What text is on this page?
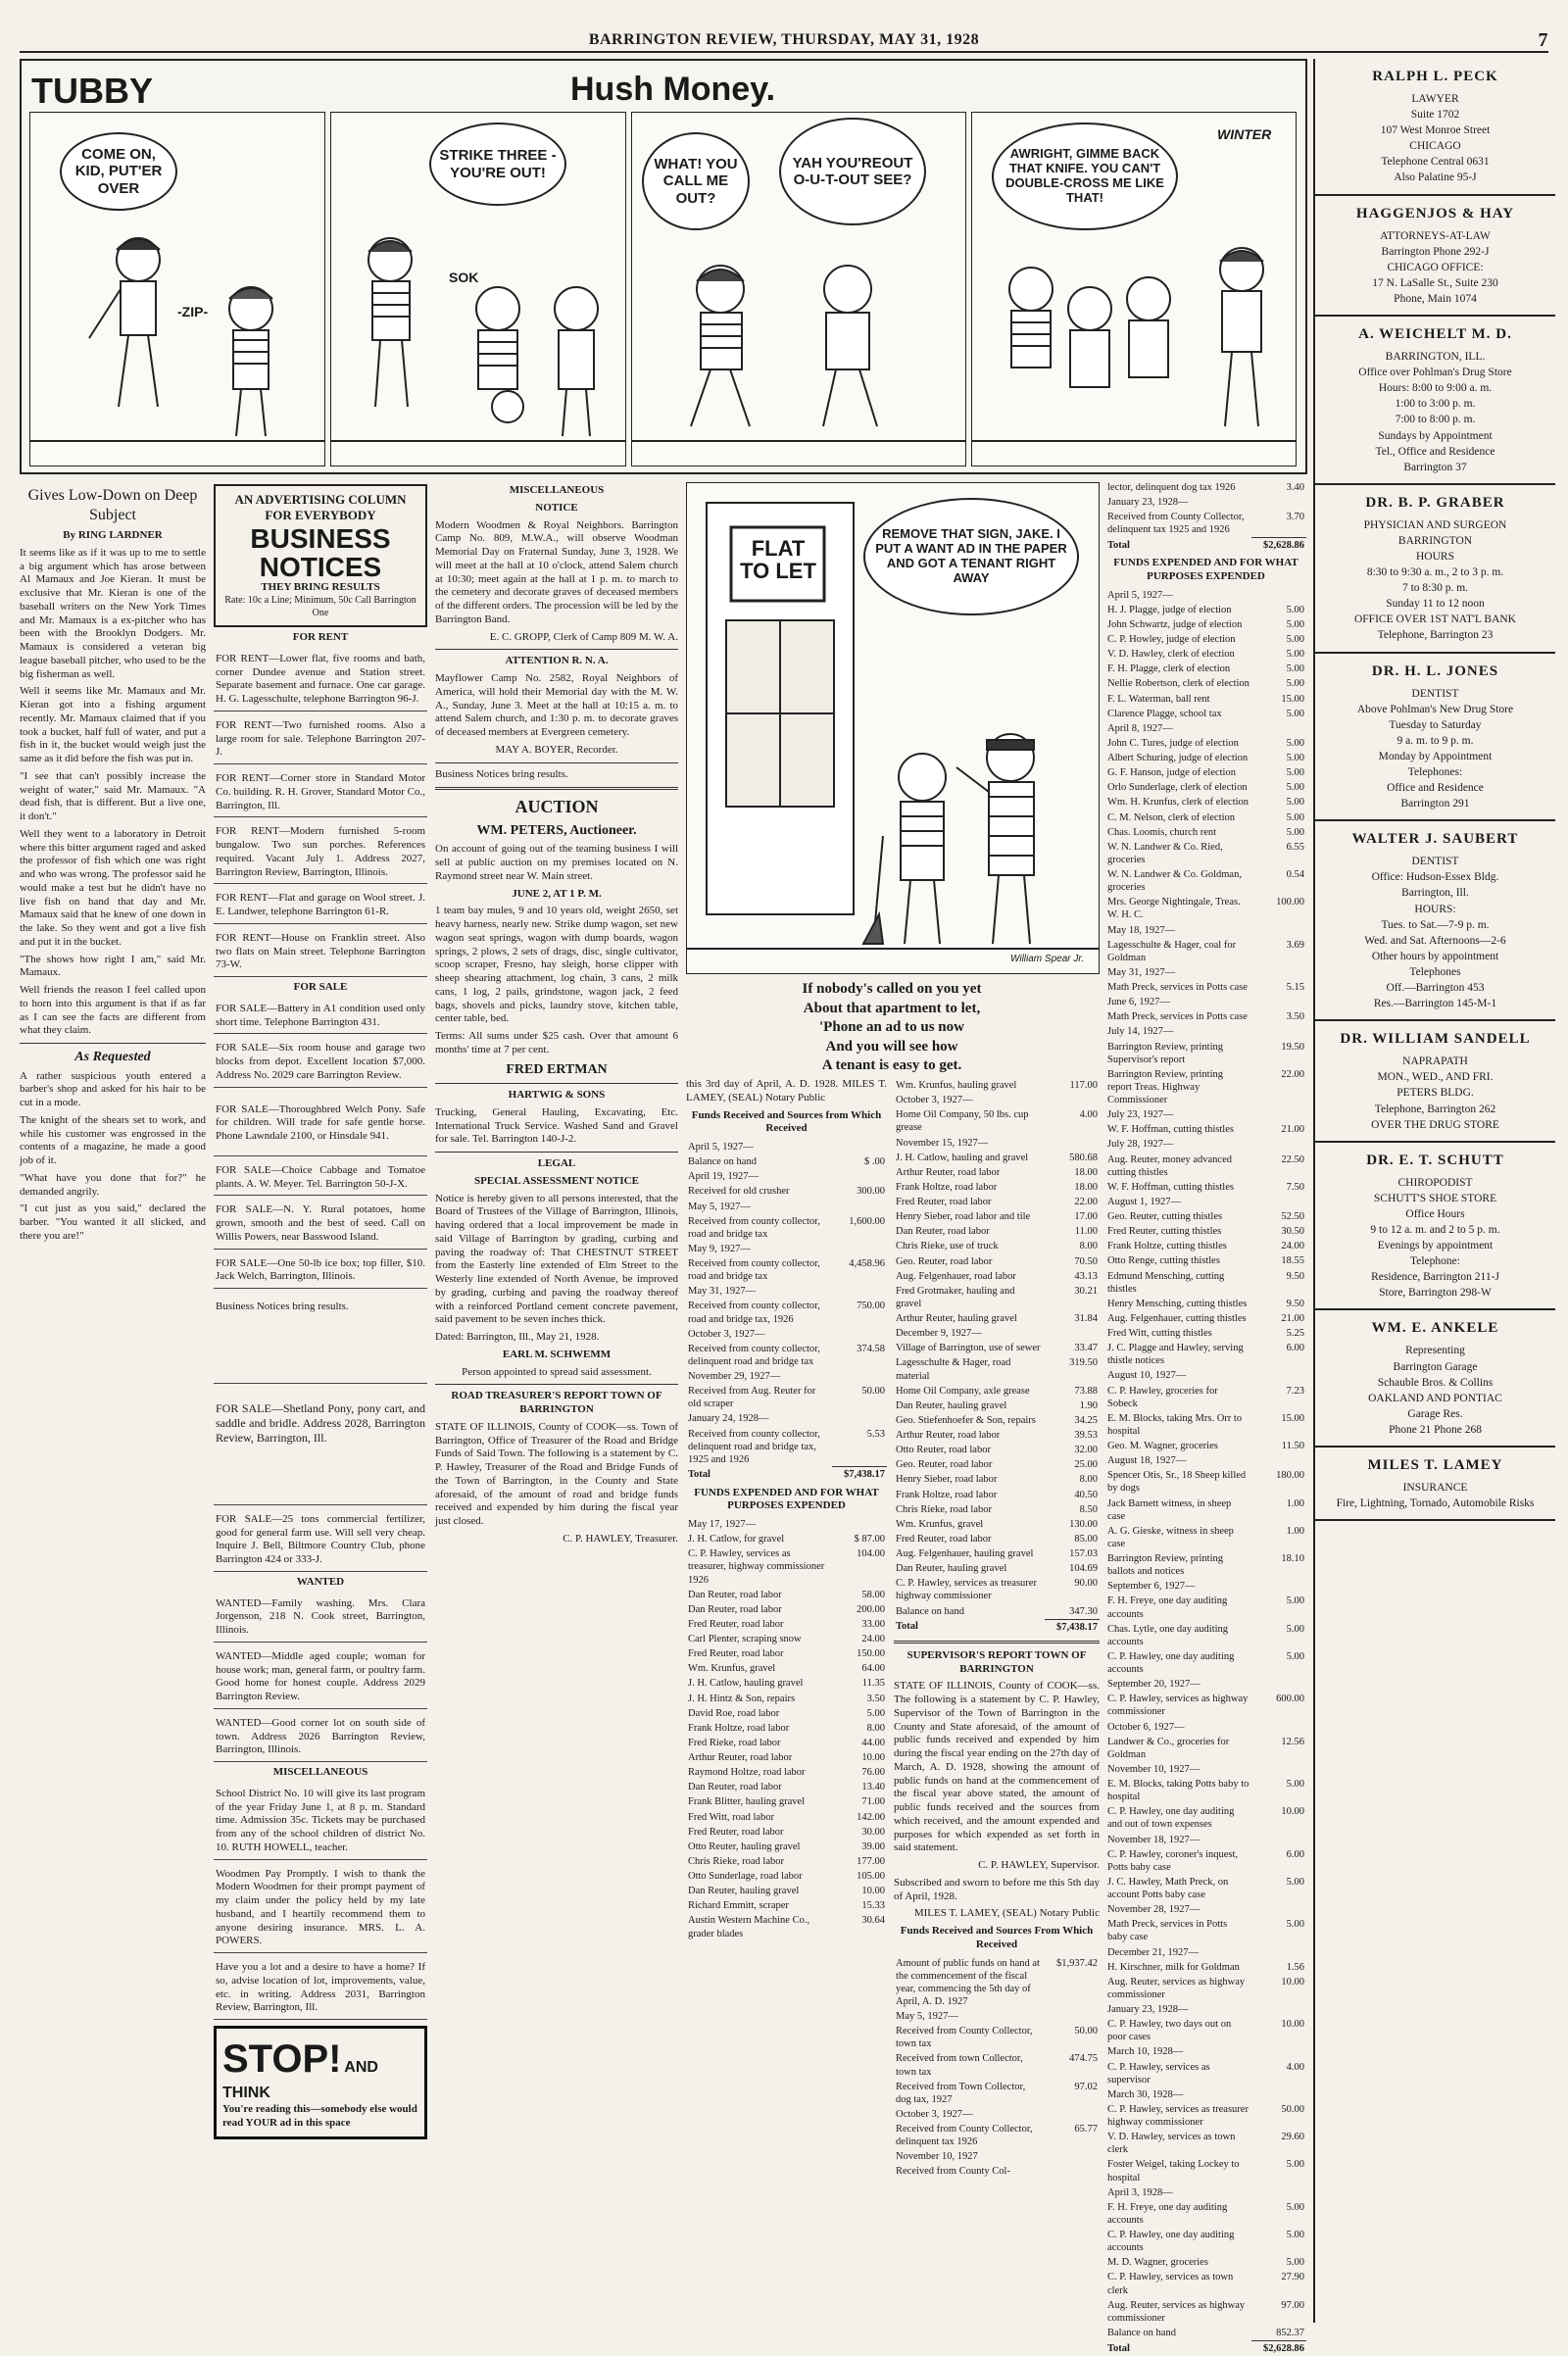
BARRINGTON REVIEW, THURSDAY, MAY 31, 1928	7
TUBBY	Hush Money.
COME ON, KID, PUT'ER OVER
-ZIP-
STRIKE THREE - YOU'RE OUT!
SOK
WHAT! YOU CALL ME OUT?
YAH YOU'REOUT O-U-T-OUT SEE?
AWRIGHT, GIMME BACK THAT KNIFE. YOU CAN'T DOUBLE-CROSS ME LIKE THAT!
WINTER
Gives Low-Down on Deep Subject
By RING LARDNER

It seems like as if it was up to me to settle a big argument which has arose between Al Mamaux and Joe Kieran. It must be exclusive that Mr. Kieran is one of the baseball writers on the New York Times and Mr. Mamaux is a ex-pitcher who has been with the Brooklyn Dodgers. Mr. Mamaux is considered a veteran big league baseball pitcher, who used to be the big fisherman as well.

Well it seems like Mr. Mamaux and Mr. Kieran got into a fishing argument recently. Mr. Mamaux claimed that if you took a bucket, half full of water, and put a fish in it, the bucket would weigh just the same as it did before the fish was put in.

"I see that can't possibly increase the weight of water," said Mr. Mamaux. "A dead fish, that is different. But a live one, it don't."

Well they went to a laboratory in Detroit where this bitter argument raged and asked the professor of fish which one was right and who was wrong. The professor said he would make a test but he didn't have no live fish on hand that day and Mr. Mamaux said that he knew of one down in the lake. So they went and got a live fish and put it in the bucket.

"The shows how right I am," said Mr. Mamaux.

Well friends the reason I feel called upon to horn into this argument is that if as far as I can see the facts are different from what they claim.

As Requested

A rather suspicious youth entered a barber's shop and asked for his hair to be cut in a mode.

The knight of the shears set to work, and while his customer was engrossed in the contents of a magazine, he made a good job of it.

"What have you done that for?" he demanded angrily.

"I cut just as you said," declared the barber. "You wanted it all slicked, and there you are!"

AN ADVERTISING COLUMN FOR EVERYBODY
BUSINESS NOTICES
THEY BRING RESULTS
Rate: 10c a Line; Minimum, 50c Call Barrington One
FOR RENT

FOR RENT—Lower flat, five rooms and bath, corner Dundee avenue and Station street. Separate basement and furnace. One car garage. H. G. Lagesschulte, telephone Barrington 96-J.

FOR RENT—Two furnished rooms. Also a large room for sale. Telephone Barrington 207-J.

FOR RENT—Corner store in Standard Motor Co. building. R. H. Grover, Standard Motor Co., Barrington, Ill.

FOR RENT—Modern furnished 5-room bungalow. Two sun porches. References required. Vacant July 1. Address 2027, Barrington Review, Barrington, Illinois.

FOR RENT—Flat and garage on Wool street. J. E. Landwer, telephone Barrington 61-R.

FOR RENT—House on Franklin street. Also two flats on Main street. Telephone Barrington 73-W.

FOR SALE

FOR SALE—Battery in A1 condition used only short time. Telephone Barrington 431.

FOR SALE—Six room house and garage two blocks from depot. Excellent location $7,000. Address No. 2029 care Barrington Review.

FOR SALE—Thoroughbred Welch Pony. Safe for children. Will trade for safe gentle horse. Phone Lawndale 2100, or Hinsdale 941.

FOR SALE—Choice Cabbage and Tomatoe plants. A. W. Meyer. Tel. Barrington 50-J-X.

FOR SALE—N. Y. Rural potatoes, home grown, smooth and the best of seed. Call on Willis Powers, near Basswood Island.

FOR SALE—One 50-lb ice box; top filler, $10. Jack Welch, Barrington, Illinois.

Business Notices bring results.

FOR SALE—Shetland Pony, pony cart, and saddle and bridle. Address 2028, Barrington Review, Barrington, Ill.

FOR SALE—25 tons commercial fertilizer, good for general farm use. Will sell very cheap. Inquire J. Bell, Biltmore Country Club, phone Barrington 424 or 333-J.

WANTED

WANTED—Family washing. Mrs. Clara Jorgenson, 218 N. Cook street, Barrington, Illinois.

WANTED—Middle aged couple; woman for house work; man, general farm, or poultry farm. Good home for honest couple. Address 2029 Barrington Review.

WANTED—Good corner lot on south side of town. Address 2026 Barrington Review, Barrington, Illinois.

MISCELLANEOUS

School District No. 10 will give its last program of the year Friday June 1, at 8 p. m. Standard time. Admission 35c. Tickets may be purchased from any of the school children of district No. 10. RUTH HOWELL, teacher.

Woodmen Pay Promptly. I wish to thank the Modern Woodmen for their prompt payment of my claim under the policy held by my late husband, and I heartily recommend them to anyone desiring insurance. MRS. L. A. POWERS.

Have you a lot and a desire to have a home? If so, advise location of lot, improvements, value, etc. in writing. Address 2031, Barrington Review, Barrington, Ill.

STOP! AND THINK
You're reading this—somebody else would read YOUR ad in this space
MISCELLANEOUS
NOTICE

Modern Woodmen & Royal Neighbors. Barrington Camp No. 809, M.W.A., will observe Woodman Memorial Day on Fraternal Sunday, June 3, 1928. We will meet at the hall at 10 o'clock, attend Salem church at 10:30; meet again at the hall at 1 p. m. to march to the cemetery and decorate graves of deceased members of the different orders. The procession will be led by the Barrington Band.

E. C. GROPP, Clerk of Camp 809 M. W. A.

ATTENTION R. N. A.

Mayflower Camp No. 2582, Royal Neighbors of America, will hold their Memorial day with the M. W. A., Sunday, June 3. Meet at the hall at 10:15 a. m. to attend Salem church, and 1:30 p. m. to decorate graves of deceased members at Evergreen cemetery.

MAY A. BOYER, Recorder.

Business Notices bring results.

AUCTION
WM. PETERS, Auctioneer.

On account of going out of the teaming business I will sell at public auction on my premises located on N. Raymond street near W. Main street.

JUNE 2, AT 1 P. M.

1 team bay mules, 9 and 10 years old, weight 2650, set heavy harness, nearly new. Strike dump wagon, set new wagon seat springs, wagon with dump boards, wagon springs, 2 plows, 2 sets of drags, disc, single cultivator, scoop scraper, Fresno, hay sleigh, horse clipper with sheep shearing attachment, log chain, 3 cans, 2 milk cans, 1 log, 2 pails, grindstone, wagon jack, 2 feed bags, shovels and picks, laundry stove, kitchen table, center table, bed.

Terms: All sums under $25 cash. Over that amount 6 months' time at 7 per cent.

FRED ERTMAN
HARTWIG & SONS

Trucking, General Hauling, Excavating, Etc. International Truck Service. Washed Sand and Gravel for sale. Tel. Barrington 140-J-2.

LEGAL
SPECIAL ASSESSMENT NOTICE

Notice is hereby given to all persons interested, that the Board of Trustees of the Village of Barrington, Illinois, having ordered that a local improvement be made in said Village of Barrington by grading, curbing and paving the roadway of: That CHESTNUT STREET from the Easterly line extended of Elm Street to the Westerly line extended of North Avenue, be improved by grading, curbing and paving the roadway thereof with a reinforced Portland cement concrete pavement, said pavement to be seven inches thick.

Dated: Barrington, Ill., May 21, 1928.

EARL M. SCHWEMM

Person appointed to spread said assessment.

ROAD TREASURER'S REPORT TOWN OF BARRINGTON

STATE OF ILLINOIS, County of COOK—ss. Town of Barrington, Office of Treasurer of the Road and Bridge Funds of Said Town. The following is a statement by C. P. Hawley, Treasurer of the Road and Bridge Funds of the Town of Barrington, in the County and State aforesaid, of the amount of road and bridge funds received and expended by him during the fiscal year just closed.

C. P. HAWLEY, Treasurer.

FLAT TO LET
REMOVE THAT SIGN, JAKE. I PUT A WANT AD IN THE PAPER AND GOT A TENANT RIGHT AWAY
William Spear Jr.
If nobody's called on you yet
About that apartment to let,
'Phone an ad to us now
And you will see how
A tenant is easy to get.

this 3rd day of April, A. D. 1928. MILES T. LAMEY, (SEAL) Notary Public

Funds Received and Sources from Which Received
April 5, 1927—	
Balance on hand	$ .00
April 19, 1927—	
Received for old crusher	300.00
May 5, 1927—	
Received from county collector, road and bridge tax	1,600.00
May 9, 1927—	
Received from county collector, road and bridge tax	4,458.96
May 31, 1927—	
Received from county collector, road and bridge tax, 1926	750.00
October 3, 1927—	
Received from county collector, delinquent road and bridge tax	374.58
November 29, 1927—	
Received from Aug. Reuter for old scraper	50.00
January 24, 1928—	
Received from county collector, delinquent road and bridge tax, 1925 and 1926	5.53
Total	$7,438.17
FUNDS EXPENDED AND FOR WHAT PURPOSES EXPENDED
May 17, 1927—	
J. H. Catlow, for gravel	$ 87.00
C. P. Hawley, services as treasurer, highway commissioner 1926	104.00
Dan Reuter, road labor	58.00
Dan Reuter, road labor	200.00
Fred Reuter, road labor	33.00
Carl Plenter, scraping snow	24.00
Fred Reuter, road labor	150.00
Wm. Krunfus, gravel	64.00
J. H. Catlow, hauling gravel	11.35
J. H. Hintz & Son, repairs	3.50
David Roe, road labor	5.00
Frank Holtze, road labor	8.00
Fred Rieke, road labor	44.00
Arthur Reuter, road labor	10.00
Raymond Holtze, road labor	76.00
Dan Reuter, road labor	13.40
Frank Blitter, hauling gravel	71.00
Fred Witt, road labor	142.00
Fred Reuter, road labor	30.00
Otto Reuter, hauling gravel	39.00
Chris Rieke, road labor	177.00
Otto Sunderlage, road labor	105.00
Dan Reuter, hauling gravel	10.00
Richard Emmitt, scraper	15.33
Austin Western Machine Co., grader blades	30.64
Wm. Krunfus, hauling gravel	117.00
October 3, 1927—	
Home Oil Company, 50 lbs. cup grease	4.00
November 15, 1927—	
J. H. Catlow, hauling and gravel	580.68
Arthur Reuter, road labor	18.00
Frank Holtze, road labor	18.00
Fred Reuter, road labor	22.00
Henry Sieber, road labor and tile	17.00
Dan Reuter, road labor	11.00
Chris Rieke, use of truck	8.00
Geo. Reuter, road labor	70.50
Aug. Felgenhauer, road labor	43.13
Fred Grotmaker, hauling and gravel	30.21
Arthur Reuter, hauling gravel	31.84
December 9, 1927—	
Village of Barrington, use of sewer	33.47
Lagesschulte & Hager, road material	319.50
Home Oil Company, axle grease	73.88
Dan Reuter, hauling gravel	1.90
Geo. Stiefenhoefer & Son, repairs	34.25
Arthur Reuter, road labor	39.53
Otto Reuter, road labor	32.00
Geo. Reuter, road labor	25.00
Henry Sieber, road labor	8.00
Frank Holtze, road labor	40.50
Chris Rieke, road labor	8.50
Wm. Krunfus, gravel	130.00
Fred Reuter, road labor	85.00
Aug. Felgenhauer, hauling gravel	157.03
Dan Reuter, hauling gravel	104.69
C. P. Hawley, services as treasurer highway commissioner	90.00
Balance on hand	347.30
Total	$7,438.17
SUPERVISOR'S REPORT TOWN OF BARRINGTON

STATE OF ILLINOIS, County of COOK—ss. The following is a statement by C. P. Hawley, Supervisor of the Town of Barrington in the County and State aforesaid, of the amount of public funds received and expended by him during the fiscal year ending on the 27th day of March, A. D. 1928, showing the amount of public funds on hand at the commencement of the fiscal year above stated, the amount of public funds received and the sources from which received, and the amount expended and purposes for which expended as set forth in said statement.

C. P. HAWLEY, Supervisor.

Subscribed and sworn to before me this 5th day of April, 1928.

MILES T. LAMEY, (SEAL) Notary Public

Funds Received and Sources From Which Received
Amount of public funds on hand at the commencement of the fiscal year, commencing the 5th day of April, A. D. 1927	$1,937.42
May 5, 1927—	
Received from County Collector, town tax	50.00
Received from town Collector, town tax	474.75
Received from Town Collector, dog tax, 1927	97.02
October 3, 1927—	
Received from County Collector, delinquent tax 1926	65.77
November 10, 1927	
Received from County Col-	
lector, delinquent dog tax 1926	3.40
January 23, 1928—	
Received from County Collector, delinquent tax 1925 and 1926	3.70
Total	$2,628.86
FUNDS EXPENDED AND FOR WHAT PURPOSES EXPENDED
April 5, 1927—	
H. J. Plagge, judge of election	5.00
John Schwartz, judge of election	5.00
C. P. Howley, judge of election	5.00
V. D. Hawley, clerk of election	5.00
F. H. Plagge, clerk of election	5.00
Nellie Robertson, clerk of election	5.00
F. L. Waterman, ball rent	15.00
Clarence Plagge, school tax	5.00
April 8, 1927—	
John C. Tures, judge of election	5.00
Albert Schuring, judge of election	5.00
G. F. Hanson, judge of election	5.00
Orlo Sunderlage, clerk of election	5.00
Wm. H. Krunfus, clerk of election	5.00
C. M. Nelson, clerk of election	5.00
Chas. Loomis, church rent	5.00
W. N. Landwer & Co. Ried, groceries	6.55
W. N. Landwer & Co. Goldman, groceries	0.54
Mrs. George Nightingale, Treas. W. H. C.	100.00
May 18, 1927—	
Lagesschulte & Hager, coal for Goldman	3.69
May 31, 1927—	
Math Preck, services in Potts case	5.15
June 6, 1927—	
Math Preck, services in Potts case	3.50
July 14, 1927—	
Barrington Review, printing Supervisor's report	19.50
Barrington Review, printing report Treas. Highway Commissioner	22.00
July 23, 1927—	
W. F. Hoffman, cutting thistles	21.00
July 28, 1927—	
Aug. Reuter, money advanced cutting thistles	22.50
W. F. Hoffman, cutting thistles	7.50
August 1, 1927—	
Geo. Reuter, cutting thistles	52.50
Fred Reuter, cutting thistles	30.50
Frank Holtze, cutting thistles	24.00
Otto Renge, cutting thistles	18.55
Edmund Mensching, cutting thistles	9.50
Henry Mensching, cutting thistles	9.50
Aug. Felgenhauer, cutting thistles	21.00
Fred Witt, cutting thistles	5.25
J. C. Plagge and Hawley, serving thistle notices	6.00
August 10, 1927—	
C. P. Hawley, groceries for Sobeck	7.23
E. M. Blocks, taking Mrs. Orr to hospital	15.00
Geo. M. Wagner, groceries	11.50
August 18, 1927—	
Spencer Otis, Sr., 18 Sheep killed by dogs	180.00
Jack Barnett witness, in sheep case	1.00
A. G. Gieske, witness in sheep case	1.00
Barrington Review, printing ballots and notices	18.10
September 6, 1927—	
F. H. Freye, one day auditing accounts	5.00
Chas. Lytle, one day auditing accounts	5.00
C. P. Hawley, one day auditing accounts	5.00
September 20, 1927—	
C. P. Hawley, services as highway commissioner	600.00
October 6, 1927—	
Landwer & Co., groceries for Goldman	12.56
November 10, 1927—	
E. M. Blocks, taking Potts baby to hospital	5.00
C. P. Hawley, one day auditing and out of town expenses	10.00
November 18, 1927—	
C. P. Hawley, coroner's inquest, Potts baby case	6.00
J. C. Hawley, Math Preck, on account Potts baby case	5.00
November 28, 1927—	
Math Preck, services in Potts baby case	5.00
December 21, 1927—	
H. Kirschner, milk for Goldman	1.56
Aug. Reuter, services as highway commissioner	10.00
January 23, 1928—	
C. P. Hawley, two days out on poor cases	10.00
March 10, 1928—	
C. P. Hawley, services as supervisor	4.00
March 30, 1928—	
C. P. Hawley, services as treasurer highway commissioner	50.00
V. D. Hawley, services as town clerk	29.60
Foster Weigel, taking Lockey to hospital	5.00
April 3, 1928—	
F. H. Freye, one day auditing accounts	5.00
C. P. Hawley, one day auditing accounts	5.00
M. D. Wagner, groceries	5.00
C. P. Hawley, services as town clerk	27.90
Aug. Reuter, services as highway commissioner	97.00
Balance on hand	852.37
Total	$2,628.86
RALPH L. PECK

LAWYER

Suite 1702

107 West Monroe Street

CHICAGO

Telephone Central 0631

Also Palatine 95-J

HAGGENJOS & HAY

ATTORNEYS-AT-LAW

Barrington Phone 292-J

CHICAGO OFFICE:

17 N. LaSalle St., Suite 230

Phone, Main 1074

A. WEICHELT M. D.

BARRINGTON, ILL.

Office over Pohlman's Drug Store

Hours: 8:00 to 9:00 a. m.

1:00 to 3:00 p. m.

7:00 to 8:00 p. m.

Sundays by Appointment

Tel., Office and Residence

Barrington 37

DR. B. P. GRABER

PHYSICIAN AND SURGEON

BARRINGTON

HOURS

8:30 to 9:30 a. m., 2 to 3 p. m.

7 to 8:30 p. m.

Sunday 11 to 12 noon

OFFICE OVER 1ST NAT'L BANK

Telephone, Barrington 23

DR. H. L. JONES

DENTIST

Above Pohlman's New Drug Store

Tuesday to Saturday

9 a. m. to 9 p. m.

Monday by Appointment

Telephones:

Office and Residence

Barrington 291

WALTER J. SAUBERT

DENTIST

Office: Hudson-Essex Bldg.

Barrington, Ill.

HOURS:

Tues. to Sat.—7-9 p. m.

Wed. and Sat. Afternoons—2-6

Other hours by appointment

Telephones

Off.—Barrington 453

Res.—Barrington 145-M-1

DR. WILLIAM SANDELL

NAPRAPATH

MON., WED., AND FRI.

PETERS BLDG.

Telephone, Barrington 262

OVER THE DRUG STORE

DR. E. T. SCHUTT

CHIROPODIST

SCHUTT'S SHOE STORE

Office Hours

9 to 12 a. m. and 2 to 5 p. m.

Evenings by appointment

Telephone:

Residence, Barrington 211-J

Store, Barrington 298-W

WM. E. ANKELE

Representing

Barrington Garage

Schauble Bros. & Collins

OAKLAND AND PONTIAC

Garage Res.

Phone 21 Phone 268

MILES T. LAMEY

INSURANCE

Fire, Lightning, Tornado, Automobile Risks
